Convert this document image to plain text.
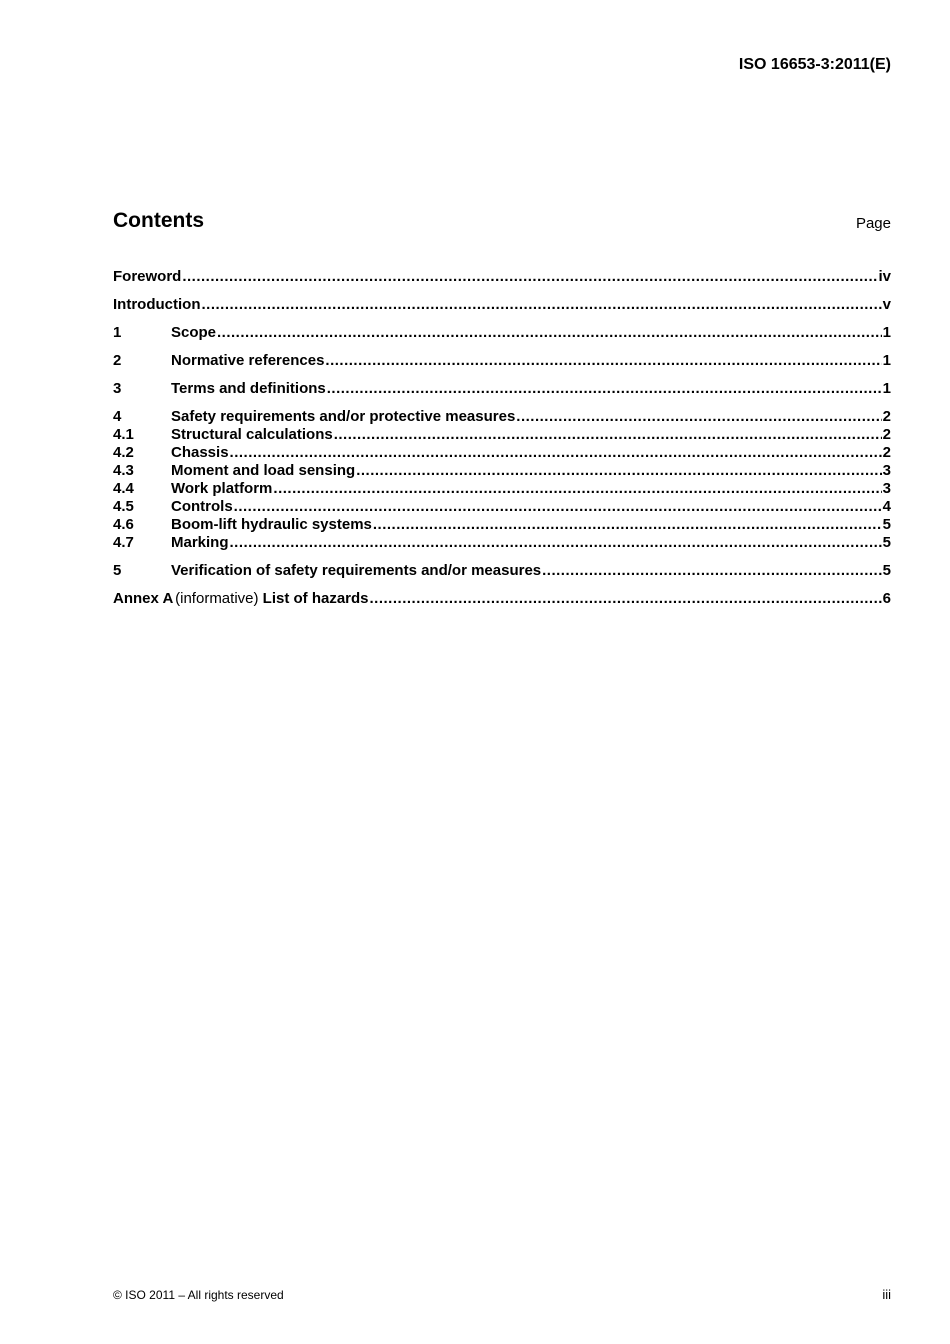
ISO 16653-3:2011(E)
Contents	Page
Foreword .....	iv
Introduction .....	v
1	Scope .....	1
2	Normative references .....	1
3	Terms and definitions .....	1
4	Safety requirements and/or protective measures .....	2
4.1	Structural calculations .....	2
4.2	Chassis .....	2
4.3	Moment and load sensing .....	3
4.4	Work platform .....	3
4.5	Controls .....	4
4.6	Boom-lift hydraulic systems .....	5
4.7	Marking .....	5
5	Verification of safety requirements and/or measures .....	5
Annex A (informative) List of hazards .....	6
© ISO 2011 – All rights reserved	iii
